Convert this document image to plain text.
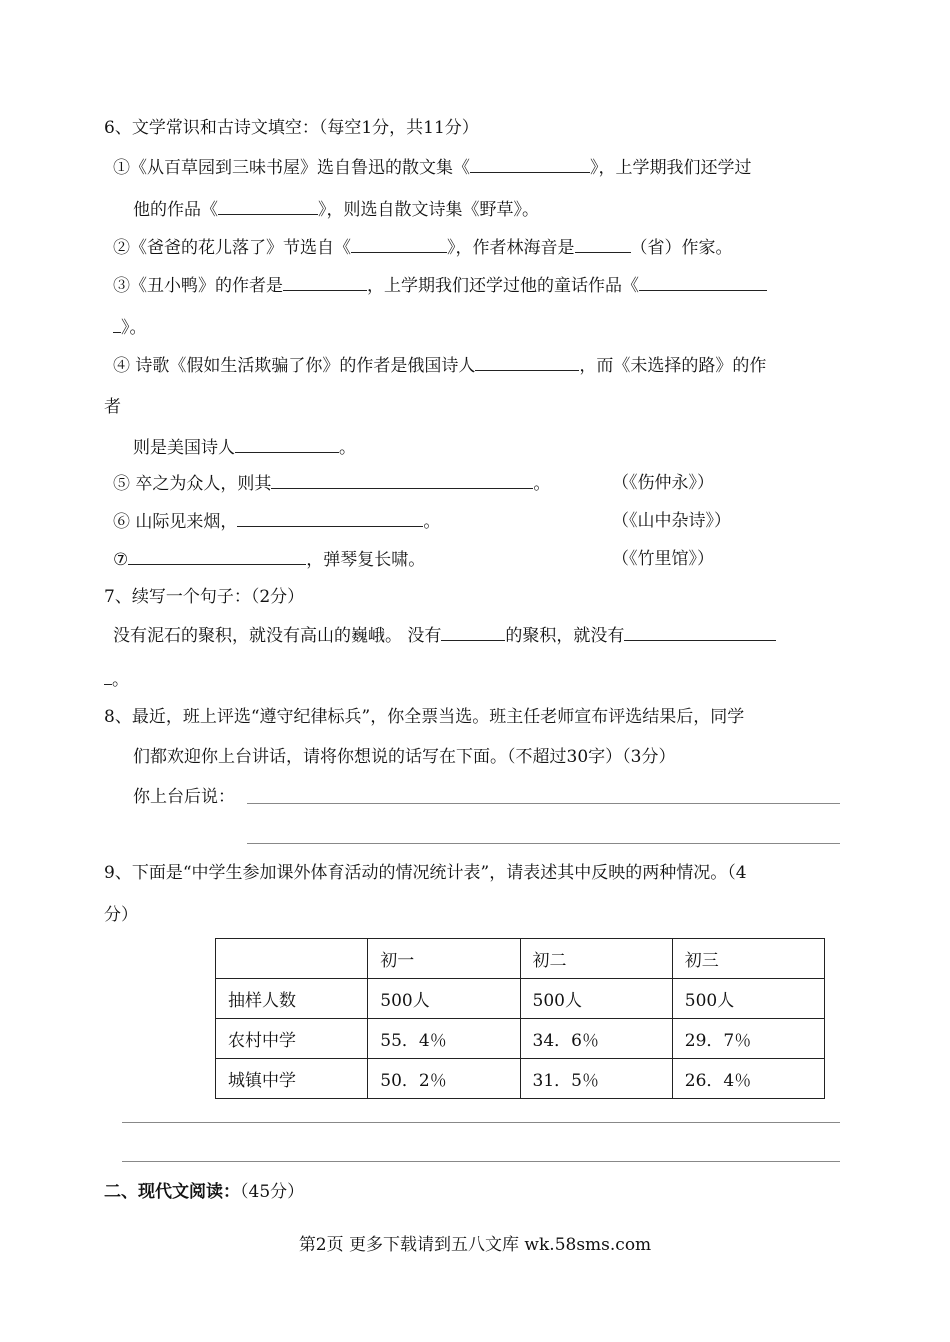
6、文学常识和古诗文填空：（每空1分，共11分）
①《从百草园到三味书屋》选自鲁迅的散文集《	》，上学期我们还学过
他的作品《	》，则选自散文诗集《野草》。
②《爸爸的花儿落了》节选自《	》，作者林海音是	（省）作家。
③《丑小鸭》的作者是	，上学期我们还学过他的童话作品《
》。
④ 诗歌《假如生活欺骗了你》的作者是俄国诗人	，而《未选择的路》的作
者
则是美国诗人	。
⑤ 卒之为众人，则其	。	（《伤仲永》）
⑥ 山际见来烟，	。	（《山中杂诗》）
⑦	，弹琴复长啸。	（《竹里馆》）
7、续写一个句子：（2分）
没有泥石的聚积，就没有高山的巍峨。 没有	的聚积，就没有
。
8、最近，班上评选“遵守纪律标兵”，你全票当选。班主任老师宣布评选结果后，同学
们都欢迎你上台讲话，请将你想说的话写在下面。（不超过30字）（3分）
你上台后说：
9、下面是“中学生参加课外体育活动的情况统计表”，请表述其中反映的两种情况。（4
分）
	初一	初二	初三
抽样人数	500人	500人	500人
农村中学	55．4％	34．6％	29．7％
城镇中学	50．2％	31．5％	26．4％
二、现代文阅读：（45分）
第2页 更多下载请到五八文库 wk.58sms.com
